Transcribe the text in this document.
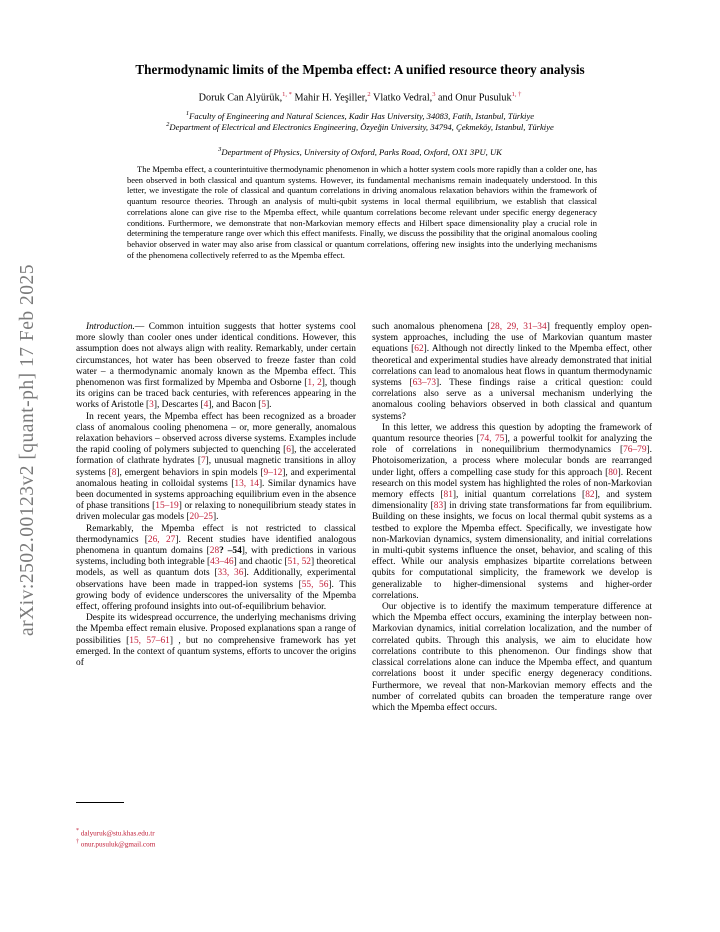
arXiv:2502.00123v2 [quant-ph] 17 Feb 2025
Thermodynamic limits of the Mpemba effect: A unified resource theory analysis
Doruk Can Alyürük,$^{1, *}$ Mahir H. Yeşiller,$^2$ Vlatko Vedral,$^3$ and Onur Pusuluk$^{1, \dagger}$
$^1$Faculty of Engineering and Natural Sciences, Kadir Has University, 34083, Fatih, Istanbul, Türkiye
$^2$Department of Electrical and Electronics Engineering, Özyeğin University, 34794, Çekmeköy, Istanbul, Türkiye
$^3$Department of Physics, University of Oxford, Parks Road, Oxford, OX1 3PU, UK
The Mpemba effect, a counterintuitive thermodynamic phenomenon in which a hotter system cools more rapidly than a colder one, has been observed in both classical and quantum systems. However, its fundamental mechanisms remain inadequately understood. In this letter, we investigate the role of classical and quantum correlations in driving anomalous relaxation behaviors within the framework of quantum resource theories. Through an analysis of multi-qubit systems in local thermal equilibrium, we establish that classical correlations alone can give rise to the Mpemba effect, while quantum correlations become relevant under specific energy degeneracy conditions. Furthermore, we demonstrate that non-Markovian memory effects and Hilbert space dimensionality play a crucial role in determining the temperature range over which this effect manifests. Finally, we discuss the possibility that the original anomalous cooling behavior observed in water may also arise from classical or quantum correlations, offering new insights into the underlying mechanisms of the phenomena collectively referred to as the Mpemba effect.

Introduction.— Common intuition suggests that hotter systems cool more slowly than cooler ones under identical conditions. However, this assumption does not always align with reality. Remarkably, under certain circumstances, hot water has been observed to freeze faster than cold water – a thermodynamic anomaly known as the Mpemba effect. This phenomenon was first formalized by Mpemba and Osborne [1, 2], though its origins can be traced back centuries, with references appearing in the works of Aristotle [3], Descartes [4], and Bacon [5].

In recent years, the Mpemba effect has been recognized as a broader class of anomalous cooling phenomena – or, more generally, anomalous relaxation behaviors – observed across diverse systems. Examples include the rapid cooling of polymers subjected to quenching [6], the accelerated formation of clathrate hydrates [7], unusual magnetic transitions in alloy systems [8], emergent behaviors in spin models [9–12], and experimental anomalous heating in colloidal systems [13, 14]. Similar dynamics have been documented in systems approaching equilibrium even in the absence of phase transitions [15–19] or relaxing to nonequilibrium steady states in driven molecular gas models [20–25].

Remarkably, the Mpemba effect is not restricted to classical thermodynamics [26, 27]. Recent studies have identified analogous phenomena in quantum domains [28? –54], with predictions in various systems, including both integrable [43–46] and chaotic [51, 52] theoretical models, as well as quantum dots [33, 36]. Additionally, experimental observations have been made in trapped-ion systems [55, 56]. This growing body of evidence underscores the universality of the Mpemba effect, offering profound insights into out-of-equilibrium behavior.

Despite its widespread occurrence, the underlying mechanisms driving the Mpemba effect remain elusive. Proposed explanations span a range of possibilities [15, 57–61] , but no comprehensive framework has yet emerged. In the context of quantum systems, efforts to uncover the origins of

such anomalous phenomena [28, 29, 31–34] frequently employ open-system approaches, including the use of Markovian quantum master equations [62]. Although not directly linked to the Mpemba effect, other theoretical and experimental studies have already demonstrated that initial correlations can lead to anomalous heat flows in quantum thermodynamic systems [63–73]. These findings raise a critical question: could correlations also serve as a universal mechanism underlying the anomalous cooling behaviors observed in both classical and quantum systems?

In this letter, we address this question by adopting the framework of quantum resource theories [74, 75], a powerful toolkit for analyzing the role of correlations in nonequilibrium thermodynamics [76–79]. Photoisomerization, a process where molecular bonds are rearranged under light, offers a compelling case study for this approach [80]. Recent research on this model system has highlighted the roles of non-Markovian memory effects [81], initial quantum correlations [82], and system dimensionality [83] in driving state transformations far from equilibrium. Building on these insights, we focus on local thermal qubit systems as a testbed to explore the Mpemba effect. Specifically, we investigate how non-Markovian dynamics, system dimensionality, and initial correlations in multi-qubit systems influence the onset, behavior, and scaling of this effect. While our analysis emphasizes bipartite correlations between qubits for computational simplicity, the framework we develop is generalizable to higher-dimensional systems and higher-order correlations.

Our objective is to identify the maximum temperature difference at which the Mpemba effect occurs, examining the interplay between non-Markovian dynamics, initial correlation localization, and the number of correlated qubits. Through this analysis, we aim to elucidate how correlations contribute to this phenomenon. Our findings show that classical correlations alone can induce the Mpemba effect, and quantum correlations boost it under specific energy degeneracy conditions. Furthermore, we reveal that non-Markovian memory effects and the number of correlated qubits can broaden the temperature range over which the Mpemba effect occurs.

* dalyuruk@stu.khas.edu.tr
† onur.pusuluk@gmail.com
